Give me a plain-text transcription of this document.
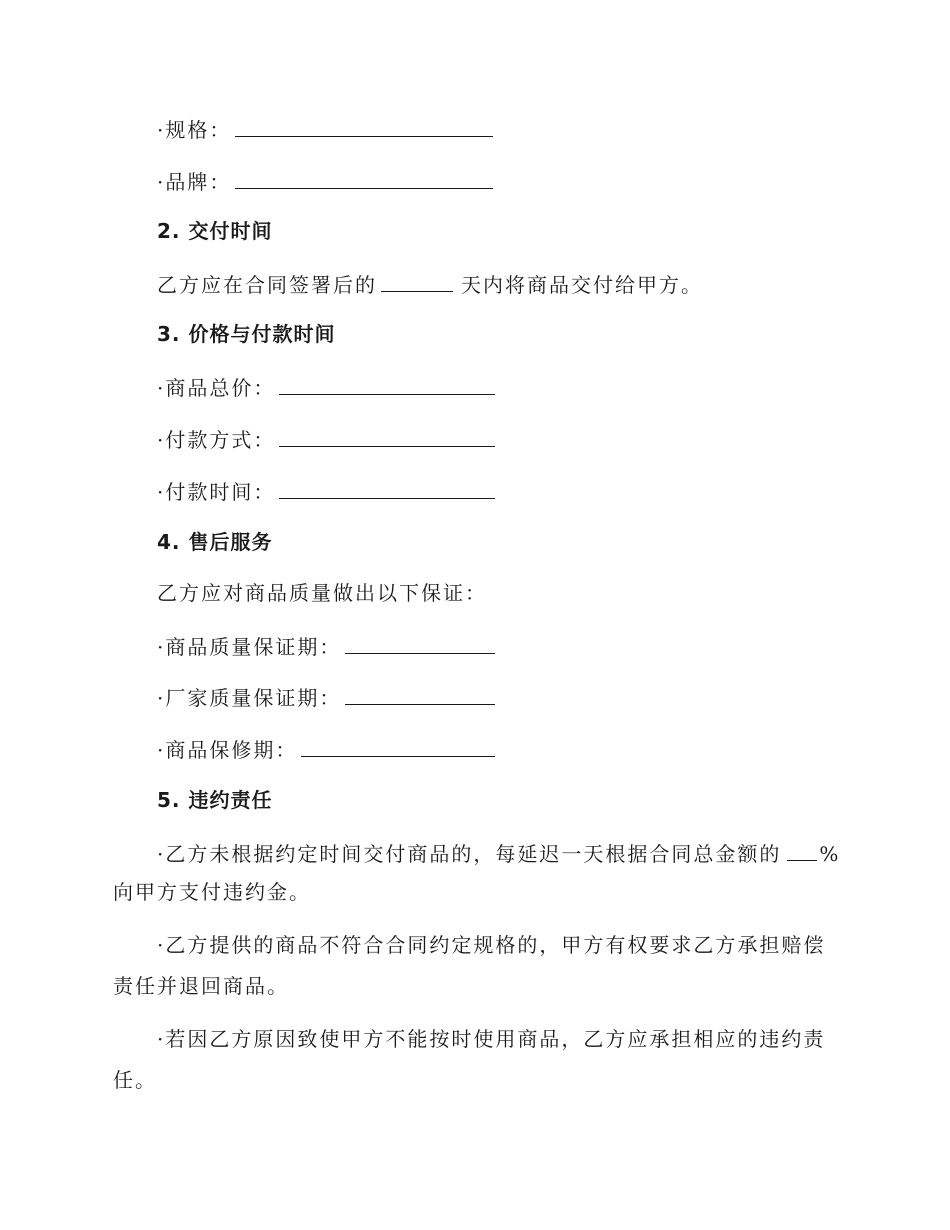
·规格：
·品牌：
2. 交付时间
乙方应在合同签署后的	天内将商品交付给甲方。
3. 价格与付款时间
·商品总价：
·付款方式：
·付款时间：
4. 售后服务
乙方应对商品质量做出以下保证：
·商品质量保证期：
·厂家质量保证期：
·商品保修期：
5. 违约责任
·乙方未根据约定时间交付商品的，每延迟一天根据合同总金额的 %
向甲方支付违约金。
·乙方提供的商品不符合合同约定规格的，甲方有权要求乙方承担赔偿
责任并退回商品。
·若因乙方原因致使甲方不能按时使用商品，乙方应承担相应的违约责
任。
